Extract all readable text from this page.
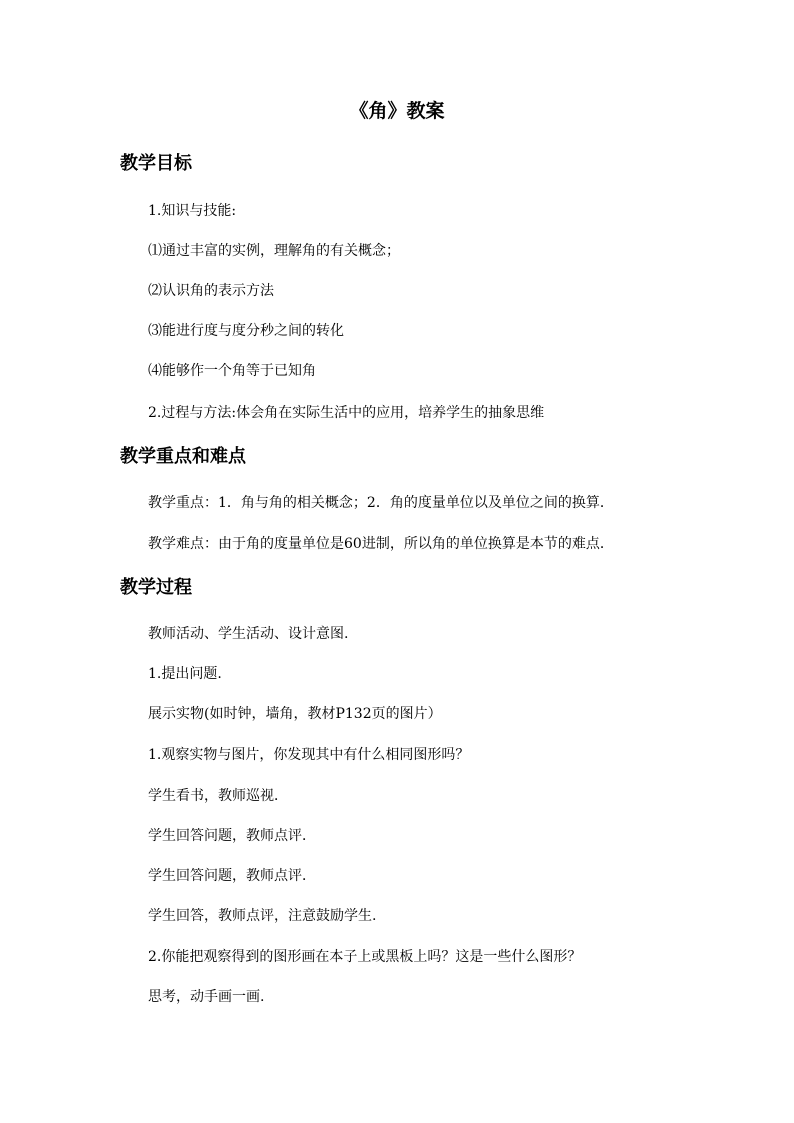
《角》教案
教学目标
1.知识与技能:
⑴通过丰富的实例，理解角的有关概念；
⑵认识角的表示方法
⑶能进行度与度分秒之间的转化
⑷能够作一个角等于已知角
2.过程与方法:体会角在实际生活中的应用，培养学生的抽象思维
教学重点和难点
教学重点：1．角与角的相关概念；2．角的度量单位以及单位之间的换算．
教学难点：由于角的度量单位是60进制，所以角的单位换算是本节的难点．
教学过程
教师活动、学生活动、设计意图.
1.提出问题.
展示实物(如时钟，墙角，教材P132页的图片）
1.观察实物与图片，你发现其中有什么相同图形吗？
学生看书，教师巡视．
学生回答问题，教师点评．
学生回答问题，教师点评．
学生回答，教师点评，注意鼓励学生.
2.你能把观察得到的图形画在本子上或黑板上吗？这是一些什么图形？
思考，动手画一画.
